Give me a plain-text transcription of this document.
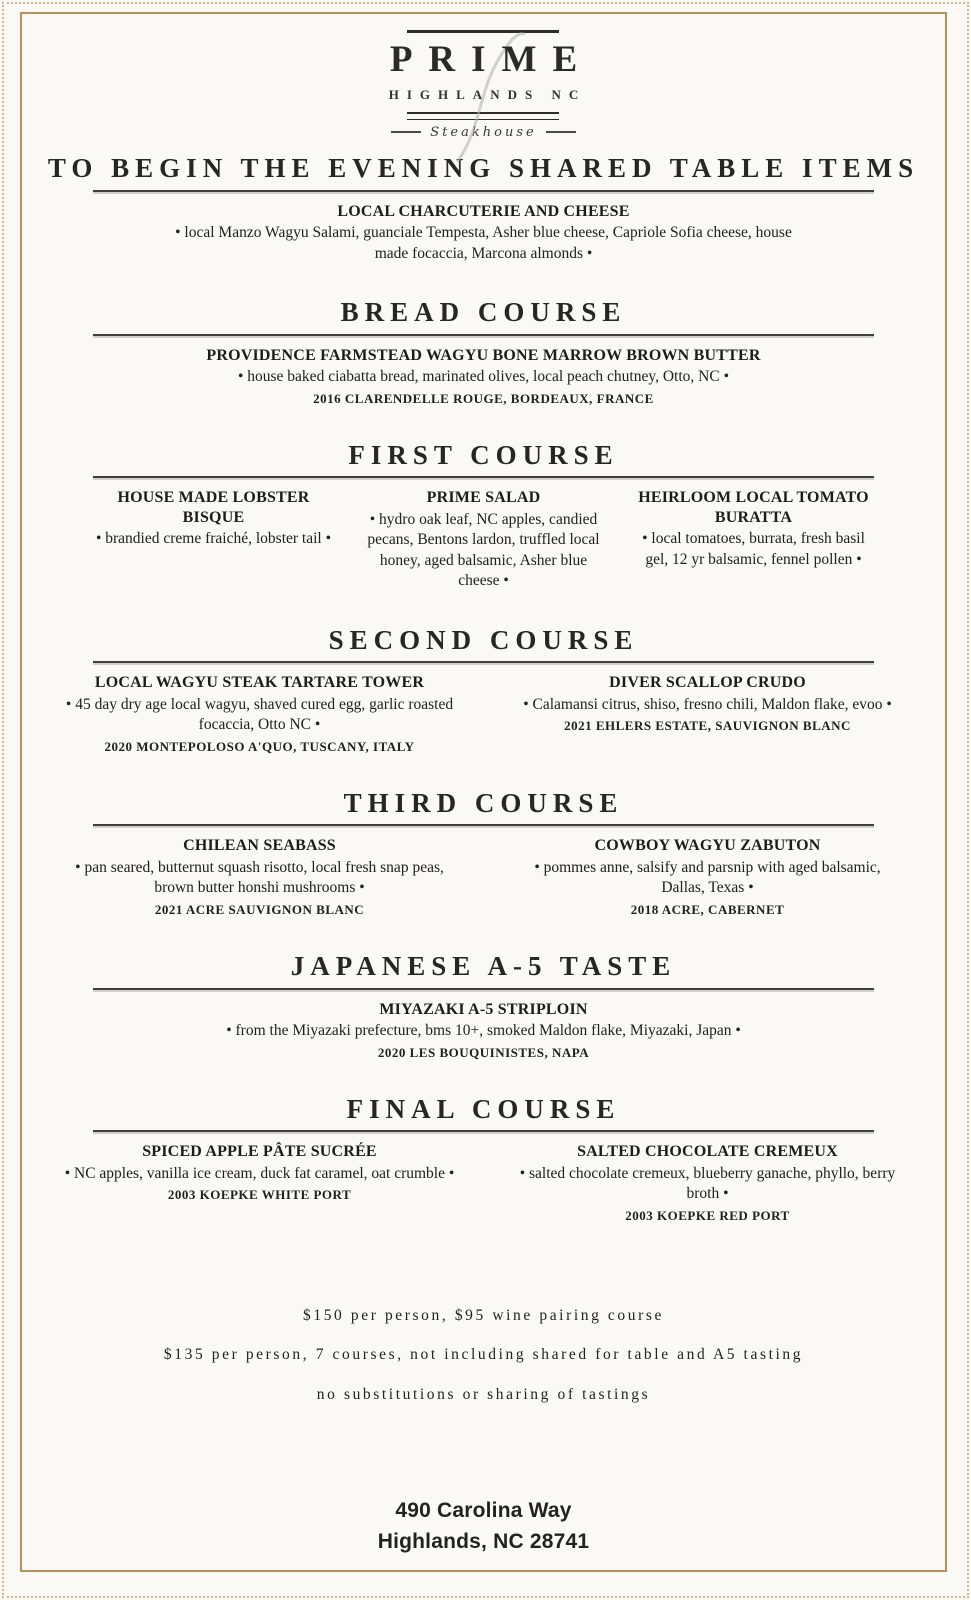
PRIME
HIGHLANDS NC
Steakhouse
TO BEGIN THE EVENING SHARED TABLE ITEMS
LOCAL CHARCUTERIE AND CHEESE
• local Manzo Wagyu Salami, guanciale Tempesta, Asher blue cheese, Capriole Sofia cheese, house made focaccia, Marcona almonds •
BREAD COURSE
PROVIDENCE FARMSTEAD WAGYU BONE MARROW BROWN BUTTER
• house baked ciabatta bread, marinated olives, local peach chutney, Otto, NC •
2016 CLARENDELLE ROUGE, BORDEAUX, FRANCE
FIRST COURSE
HOUSE MADE LOBSTER BISQUE
• brandied creme fraiché, lobster tail •
PRIME SALAD
• hydro oak leaf, NC apples, candied pecans, Bentons lardon, truffled local honey, aged balsamic, Asher blue cheese •
HEIRLOOM LOCAL TOMATO BURATTA
• local tomatoes, burrata, fresh basil gel, 12 yr balsamic, fennel pollen •
SECOND COURSE
LOCAL WAGYU STEAK TARTARE TOWER
• 45 day dry age local wagyu, shaved cured egg, garlic roasted focaccia, Otto NC •
2020 MONTEPOLOSO A'QUO, TUSCANY, ITALY
DIVER SCALLOP CRUDO
• Calamansi citrus, shiso, fresno chili, Maldon flake, evoo •
2021 EHLERS ESTATE, SAUVIGNON BLANC
THIRD COURSE
CHILEAN SEABASS
• pan seared, butternut squash risotto, local fresh snap peas, brown butter honshi mushrooms •
2021 ACRE SAUVIGNON BLANC
COWBOY WAGYU ZABUTON
• pommes anne, salsify and parsnip with aged balsamic, Dallas, Texas •
2018 ACRE, CABERNET
JAPANESE A-5 TASTE
MIYAZAKI A-5 STRIPLOIN
• from the Miyazaki prefecture, bms 10+, smoked Maldon flake, Miyazaki, Japan •
2020 LES BOUQUINISTES, NAPA
FINAL COURSE
SPICED APPLE PÂTE SUCRÉE
• NC apples, vanilla ice cream, duck fat caramel, oat crumble •
2003 KOEPKE WHITE PORT
SALTED CHOCOLATE CREMEUX
• salted chocolate cremeux, blueberry ganache, phyllo, berry broth •
2003 KOEPKE RED PORT
$150 per person, $95 wine pairing course
$135 per person, 7 courses, not including shared for table and A5 tasting
no substitutions or sharing of tastings
490 Carolina Way
Highlands, NC 28741
